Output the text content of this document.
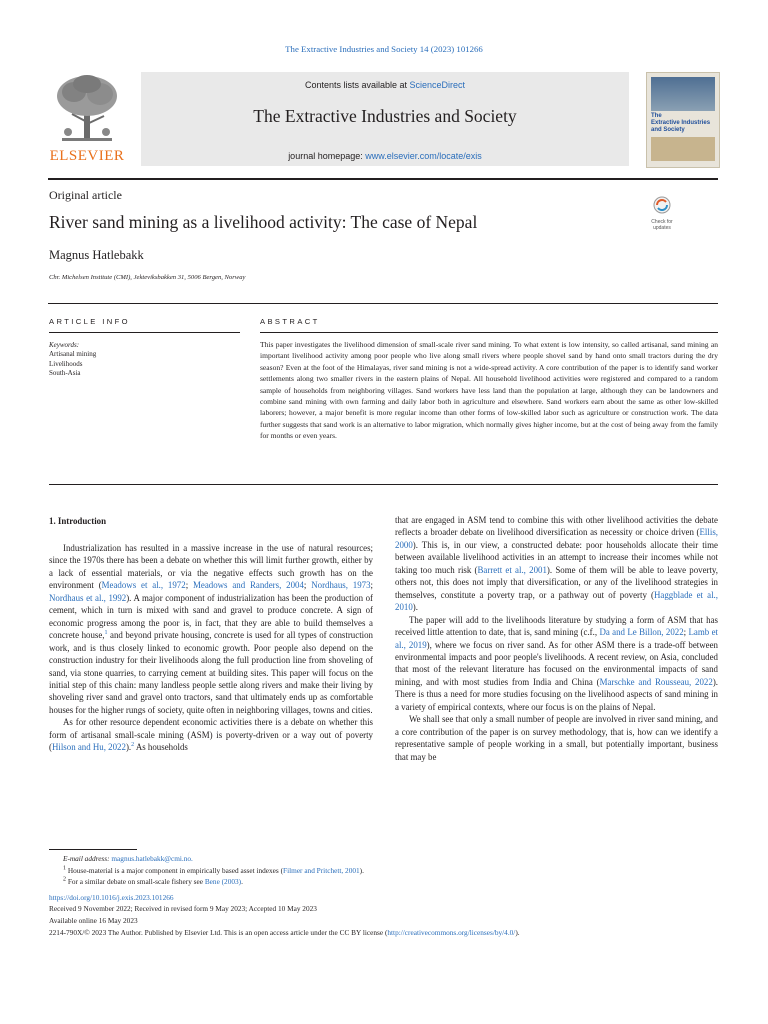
The Extractive Industries and Society 14 (2023) 101266
ELSEVIER
Contents lists available at ScienceDirect
The Extractive Industries and Society
journal homepage: www.elsevier.com/locate/exis
The
Extractive Industries
and Society
Original article
River sand mining as a livelihood activity: The case of Nepal	Check for
updates
Magnus Hatlebakk
Chr. Michelsen Institute (CMI), Jekteviksbakken 31, 5006 Bergen, Norway
ARTICLE INFO
Keywords:
Artisanal mining
Livelihoods
South-Asia
ABSTRACT
This paper investigates the livelihood dimension of small-scale river sand mining. To what extent is low intensity, so called artisanal, sand mining an important livelihood activity among poor people who live along small rivers where people shovel sand by hand onto small tractors during the dry season? Even at the foot of the Himalayas, river sand mining is not a wide-spread activity. A core contribution of the paper is to identify sand worker settlements along two smaller rivers in the eastern plains of Nepal. All household livelihood activities were registered and compared to a random sample of households from neighboring villages. Sand workers have less land than the population at large, although they can be landowners and combine sand mining with own farming and daily labor both in agriculture and elsewhere. Sand workers earn about the same as other low-skilled laborers; however, a major benefit is more regular income than other forms of low-skilled labor such as agriculture or construction work. The data further suggests that sand work is an alternative to labor migration, which normally gives higher income, but at the cost of being away from the family for months or even years.
1. Introduction

Industrialization has resulted in a massive increase in the use of natural resources; since the 1970s there has been a debate on whether this will limit further growth, either by a lack of essential materials, or via the negative effects such growth has on the environment (Meadows et al., 1972; Meadows and Randers, 2004; Nordhaus, 1973; Nordhaus et al., 1992). A major component of industrialization has been the production of cement, which in turn is mixed with sand and gravel to produce concrete. A sign of economic progress among the poor is, in fact, that they are able to build themselves a concrete house,$^1$ and beyond private housing, concrete is used for all types of construction work, and is thus closely linked to economic growth. Poor people also depend on the construction industry for their livelihoods along the full production line from shoveling of sand, via stone quarries, to carrying cement at building sites. This paper will focus on the initial step of this chain: many landless people settle along rivers and make their living by shoveling river sand and gravel onto tractors, sand that ultimately ends up as comfortable houses for the higher rungs of society, quite often in neighboring villages, towns and cities.

As for other resource dependent economic activities there is a debate on whether this form of artisanal small-scale mining (ASM) is poverty-driven or a way out of poverty (Hilson and Hu, 2022).$^2$ As households

that are engaged in ASM tend to combine this with other livelihood activities the debate reflects a broader debate on livelihood diversification as necessity or choice driven (Ellis, 2000). This is, in our view, a constructed debate: poor households allocate their time between available livelihood activities in an attempt to increase their incomes while not taking too much risk (Barrett et al., 2001). Some of them will be able to leave poverty, others not, this does not imply that diversification, or any of the livelihood strategies in themselves, constitute a poverty trap, or a pathway out of poverty (Haggblade et al., 2010).

The paper will add to the livelihoods literature by studying a form of ASM that has received little attention to date, that is, sand mining (c.f., Da and Le Billon, 2022; Lamb et al., 2019), where we focus on river sand. As for other ASM there is a trade-off between environmental impacts and poor people's livelihoods. A recent review, on Asia, concluded that most of the relevant literature has focused on the environmental impacts of sand mining, and with most studies from India and China (Marschke and Rousseau, 2022). There is thus a need for more studies focusing on the livelihood aspects of sand mining in a variety of empirical contexts, where our focus is on the plains of Nepal.

We shall see that only a small number of people are involved in river sand mining, and a core contribution of the paper is on survey methodology, that is, how can we identify a representative sample of people working in a small, but potentially important, business that may be

E-mail address: magnus.hatlebakk@cmi.no.
$^1$ House-material is a major component in empirically based asset indexes (Filmer and Pritchett, 2001).
$^2$ For a similar debate on small-scale fishery see Bene (2003).
https://doi.org/10.1016/j.exis.2023.101266
Received 9 November 2022; Received in revised form 9 May 2023; Accepted 10 May 2023
Available online 16 May 2023
2214-790X/© 2023 The Author. Published by Elsevier Ltd. This is an open access article under the CC BY license (http://creativecommons.org/licenses/by/4.0/).
